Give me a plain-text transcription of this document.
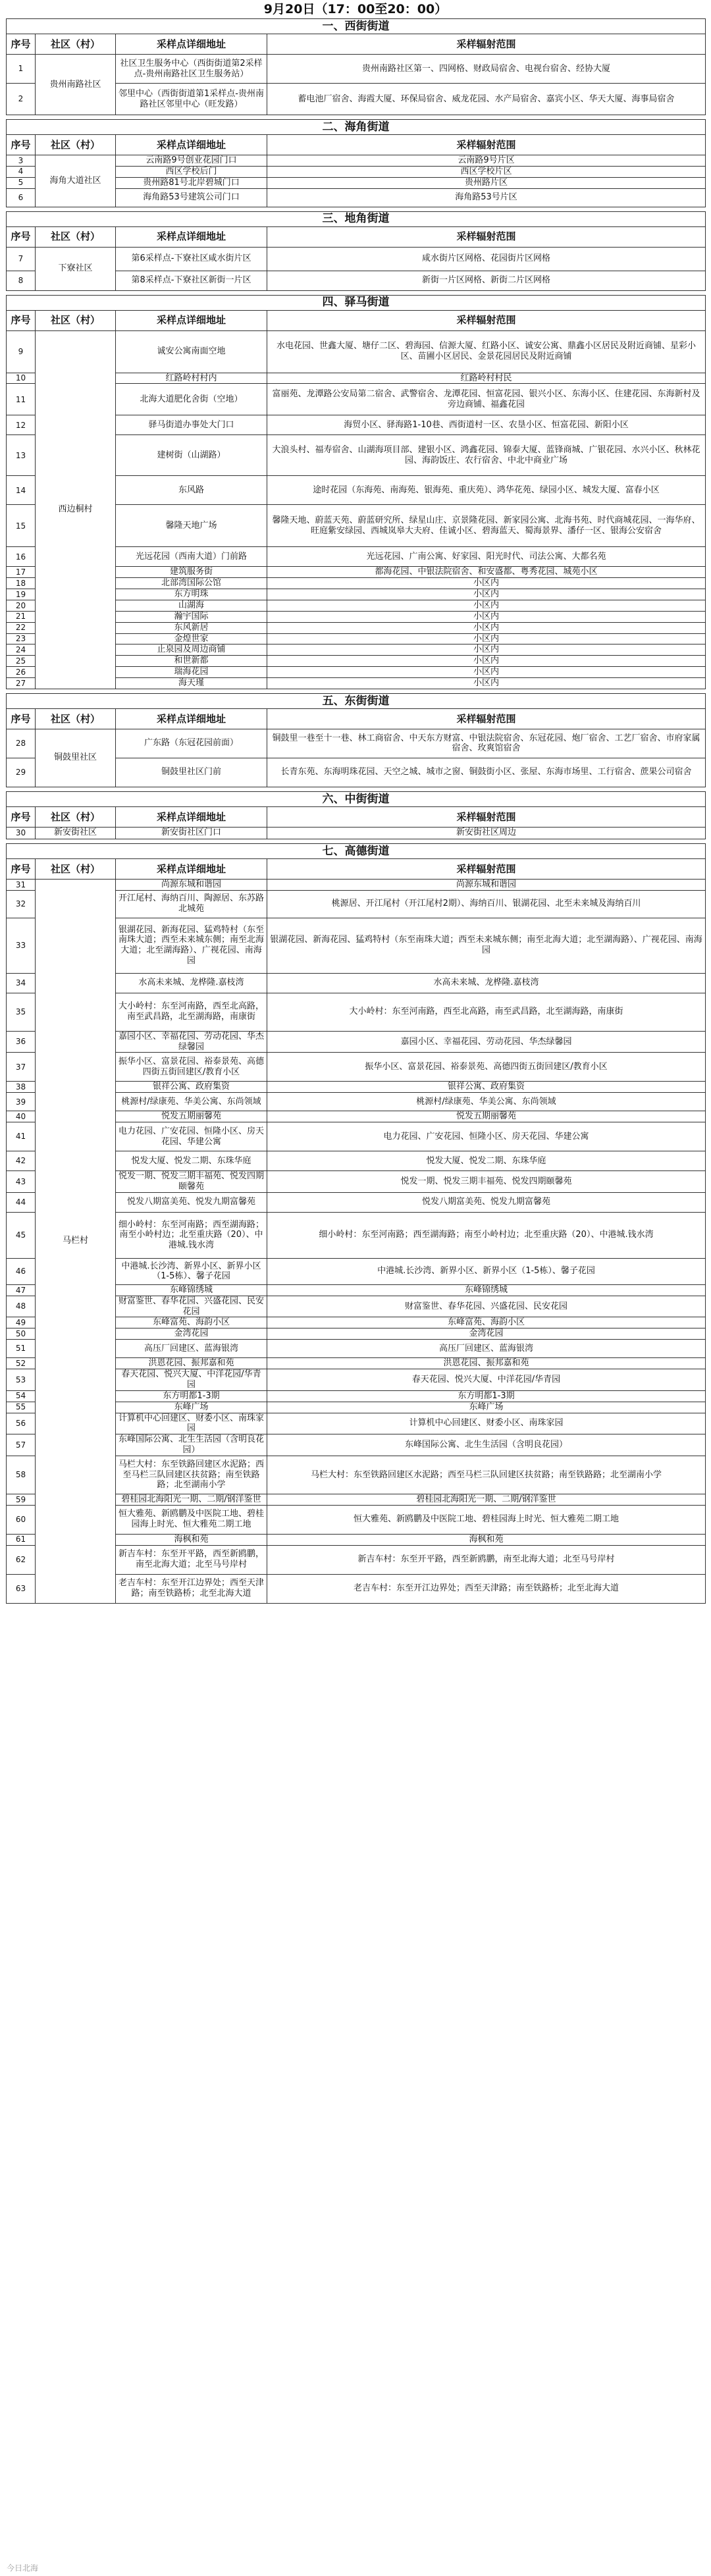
9月20日（17：00至20：00）
一、西街街道			
序号	社区（村）	采样点详细地址	采样辐射范围
1	贵州南路社区	社区卫生服务中心（西街街道第2采样点-贵州南路社区卫生服务站）	贵州南路社区第一、四网格、财政局宿舍、电视台宿舍、经协大厦
2		邻里中心（西街街道第1采样点-贵州南路社区邻里中心（旺发路）	蓄电池厂宿舍、海霞大厦、环保局宿舍、威龙花园、水产局宿舍、嘉宾小区、华天大厦、海事局宿舍
二、海角街道			
序号	社区（村）	采样点详细地址	采样辐射范围
3	海角大道社区	云南路9号创业花园门口	云南路9号片区
4		西区学校后门	西区学校片区
5		贵州路81号北岸碧城门口	贵州路片区
6		海角路53号建筑公司门口	海角路53号片区
三、地角街道			
序号	社区（村）	采样点详细地址	采样辐射范围
7	下寮社区	第6采样点-下寮社区咸水街片区	咸水街片区网格、花园街片区网格
8		第8采样点-下寮社区新街一片区	新街一片区网格、新街二片区网格
四、驿马街道			
序号	社区（村）	采样点详细地址	采样辐射范围
9	西边桐村	诚安公寓南面空地	水电花园、世鑫大厦、塘仔二区、碧海园、信源大厦、红路小区、诚安公寓、鼎鑫小区居民及附近商铺、星彩小区、苗圃小区居民、金景花园居民及附近商铺
10		红路岭村村内	红路岭村村民
11		北海大道肥化舍街（空地）	富丽苑、龙潭路公安局第二宿舍、武警宿舍、龙潭花园、恒富花园、银兴小区、东海小区、住建花园、东海新村及旁边商铺、福鑫花园
12		驿马街道办事处大门口	海贸小区、驿海路1-10巷、西街道村一区、农垦小区、恒富花园、新阳小区
13		建树街（山湖路）	大浪头村、福寿宿舍、山湖海项目部、建银小区、鸿鑫花园、锦泰大厦、蓝锋商城、广银花园、水兴小区、秋林花园、海韵饭庄、农行宿舍、中北中商业广场
14		东风路	途时花园（东海苑、南海苑、银海苑、重庆苑）、鸿华花苑、绿园小区、城发大厦、富春小区
15		馨隆天地广场	馨隆天地、蔚蓝天苑、蔚蓝研究所、绿星山庄、京景隆花园、新家园公寓、北海书苑、时代商城花园、一海华府、旺庭紫安绿园、西城岚皋大夫府、佳诚小区、碧海蓝天、蜀海景界、潘仔一区、银海公安宿舍
16		光远花园（西南大道）门前路	光远花园、广南公寓、好家园、阳光时代、司法公寓、大都名苑
17		建筑服务街	都海花园、中银法院宿舍、和安盛都、粤秀花园、城苑小区
18		北部湾国际公馆	小区内
19		东方明珠	小区内
20		山湖海	小区内
21		瀚宇国际	小区内
22		东风新居	小区内
23		金煌世家	小区内
24		止泉园及周边商铺	小区内
25		和世新都	小区内
26		瑞海花园	小区内
27		海天瑾	小区内
五、东街街道			
序号	社区（村）	采样点详细地址	采样辐射范围
28	铜鼓里社区	广东路（东冠花园前面）	铜鼓里一巷至十一巷、林工商宿舍、中天东方财富、中银法院宿舍、东冠花园、炮厂宿舍、工艺厂宿舍、市府家属宿舍、玫爽馆宿舍
29		铜鼓里社区门前	长青东苑、东海明珠花园、天空之城、城市之窗、铜鼓街小区、张屋、东海市场里、工行宿舍、蔗果公司宿舍
六、中街街道			
序号	社区（村）	采样点详细地址	采样辐射范围
30	新安街社区	新安街社区门口	新安街社区周边
七、高德街道			
序号	社区（村）	采样点详细地址	采样辐射范围
31	马栏村	尚源东城和谐园	尚源东城和谐园
32		开江尾村、海纳百川、陶源居、东苏路北城苑	桃源居、开江尾村（开江尾村2期）、海纳百川、银湖花园、北至未来城及海纳百川
33		银湖花园、新海花园、猛鸡特村（东至南珠大道；西至未来城东侧；南至北海大道；北至湖海路）、广视花园、南海园	银湖花园、新海花园、猛鸡特村（东至南珠大道；西至未来城东侧；南至北海大道；北至湖海路）、广视花园、南海园
34		水高未来城、龙桦隆.嘉枝湾	水高未来城、龙桦隆.嘉枝湾
35		大小岭村：东至河南路，西至北高路，南至武昌路，北至湖海路，南康街	大小岭村：东至河南路，西至北高路，南至武昌路，北至湖海路，南康街
36		嘉园小区、幸福花园、劳动花园、华杰绿馨园	嘉园小区、幸福花园、劳动花园、华杰绿馨园
37		振华小区、富景花园、裕泰景苑、高德四街五街回建区/教育小区	振华小区、富景花园、裕泰景苑、高德四街五街回建区/教育小区
38		银祥公寓、政府集资	银祥公寓、政府集资
39		桃源村/绿康苑、华美公寓、东尚领域	桃源村/绿康苑、华美公寓、东尚领域
40		悦发五期丽馨苑	悦发五期丽馨苑
41		电力花园、广安花园、恒隆小区、房天花园、华建公寓	电力花园、广安花园、恒隆小区、房天花园、华建公寓
42		悦发大厦、悦发二期、东珠华庭	悦发大厦、悦发二期、东珠华庭
43		悦发一期、悦发三期丰福苑、悦发四期颐馨苑	悦发一期、悦发三期丰福苑、悦发四期颐馨苑
44		悦发八期富美苑、悦发九期富馨苑	悦发八期富美苑、悦发九期富馨苑
45		细小岭村：东至河南路；西至湖海路；南至小岭村边；北至重庆路（20）、中港城.钱水湾	细小岭村：东至河南路；西至湖海路；南至小岭村边；北至重庆路（20）、中港城.钱水湾
46		中港城.长沙湾、新界小区、新界小区（1-5栋）、馨子花园	中港城.长沙湾、新界小区、新界小区（1-5栋）、馨子花园
47		东峰锦绣城	东峰锦绣城
48		财富鉴世、春华花园、兴盛花园、民安花园	财富鉴世、春华花园、兴盛花园、民安花园
49		东峰富苑、海韵小区	东峰富苑、海韵小区
50		金湾花园	金湾花园
51		高压厂回建区、蓝海银湾	高压厂回建区、蓝海银湾
52		洪恩花园、振邦嘉和苑	洪恩花园、振邦嘉和苑
53		春天花园、悦兴大厦、中洋花园/华青园	春天花园、悦兴大厦、中洋花园/华青园
54		东方明都1-3期	东方明都1-3期
55		东峰广场	东峰广场
56		计算机中心回建区、财委小区、南珠家园	计算机中心回建区、财委小区、南珠家园
57		东峰国际公寓、北生生活园（含明良花园）	东峰国际公寓、北生生活园（含明良花园）
58		马栏大村：东至铁路回建区水泥路；西至马栏三队回建区扶贫路；南至铁路路；北至湖南小学	马栏大村：东至铁路回建区水泥路；西至马栏三队回建区扶贫路；南至铁路路；北至湖南小学
59		碧桂园北海阳光一期、二期/钢洋鉴世	碧桂园北海阳光一期、二期/钢洋鉴世
60		恒大雅苑、新鸥鹏及中医院工地、碧桂园海上时光、恒大雅苑二期工地	恒大雅苑、新鸥鹏及中医院工地、碧桂园海上时光、恒大雅苑二期工地
61		海枫和苑	海枫和苑
62		新吉车村：东至开平路，西至新鸥鹏，南至北海大道；北至马号岸村	新吉车村：东至开平路，西至新鸥鹏，南至北海大道；北至马号岸村
63		老吉车村：东至开江边界处；西至天津路；南至铁路桥；北至北海大道	老吉车村：东至开江边界处；西至天津路；南至铁路桥；北至北海大道
今日北海
